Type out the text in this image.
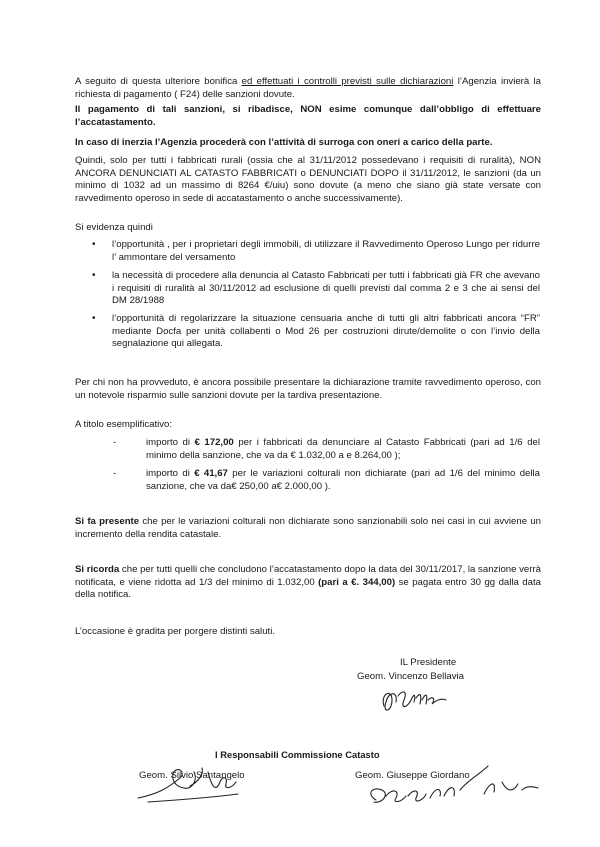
A seguito di questa ulteriore bonifica ed effettuati i controlli previsti sulle dichiarazioni l’Agenzia invierà la richiesta di pagamento ( F24) delle sanzioni dovute.

Il pagamento di tali sanzioni, si ribadisce, NON esime comunque dall’obbligo di effettuare l’accatastamento.

In caso di inerzia l’Agenzia procederà con l’attività di surroga con oneri a carico della parte.

Quindi, solo per tutti i fabbricati rurali (ossia che al 31/11/2012 possedevano i requisiti di ruralità), NON ANCORA DENUNCIATI AL CATASTO FABBRICATI o DENUNCIATI DOPO il 31/11/2012, le sanzioni (da un minimo di 1032 ad un massimo di 8264 €/uiu) sono dovute (a meno che siano già state versate con ravvedimento operoso in sede di accatastamento o anche successivamente).

Si evidenza quindi

• l’opportunità , per i proprietari degli immobili, di utilizzare il Ravvedimento Operoso Lungo per ridurre l’ ammontare del versamento

• la necessità di procedere alla denuncia al Catasto Fabbricati per tutti i fabbricati già FR che avevano i requisiti di ruralità al 30/11/2012 ad esclusione di quelli previsti dal comma 2 e 3 che ai sensi del DM 28/1988

• l’opportunità di regolarizzare la situazione censuaria anche di tutti gli altri fabbricati ancora “FR” mediante Docfa per unità collabenti o Mod 26 per costruzioni dirute/demolite o con l’invio della segnalazione qui allegata.

Per chi non ha provveduto, è ancora possibile presentare la dichiarazione tramite ravvedimento operoso, con un notevole risparmio sulle sanzioni dovute per la tardiva presentazione.

A titolo esemplificativo:

-	importo di € 172,00 per i fabbricati da denunciare al Catasto Fabbricati (pari ad 1/6 del minimo della sanzione, che va da € 1.032,00 a e 8.264,00 );

-	importo di € 41,67 per le variazioni colturali non dichiarate (pari ad 1/6 del minimo della sanzione, che va da€ 250,00 a€ 2.000,00 ).

Si fa presente che per le variazioni colturali non dichiarate sono sanzionabili solo nei casi in cui avviene un incremento della rendita catastale.

Si ricorda che per tutti quelli che concludono l’accatastamento dopo la data del 30/11/2017, la sanzione verrà notificata, e viene ridotta ad 1/3 del minimo di 1.032,00 (pari a €. 344,00) se pagata entro 30 gg dalla data della notifica.

L’occasione è gradita per porgere distinti saluti.

IL Presidente
Geom. Vincenzo Bellavia
I Responsabili Commissione Catasto
Geom. Silvio Santangelo	Geom. Giuseppe Giordano
